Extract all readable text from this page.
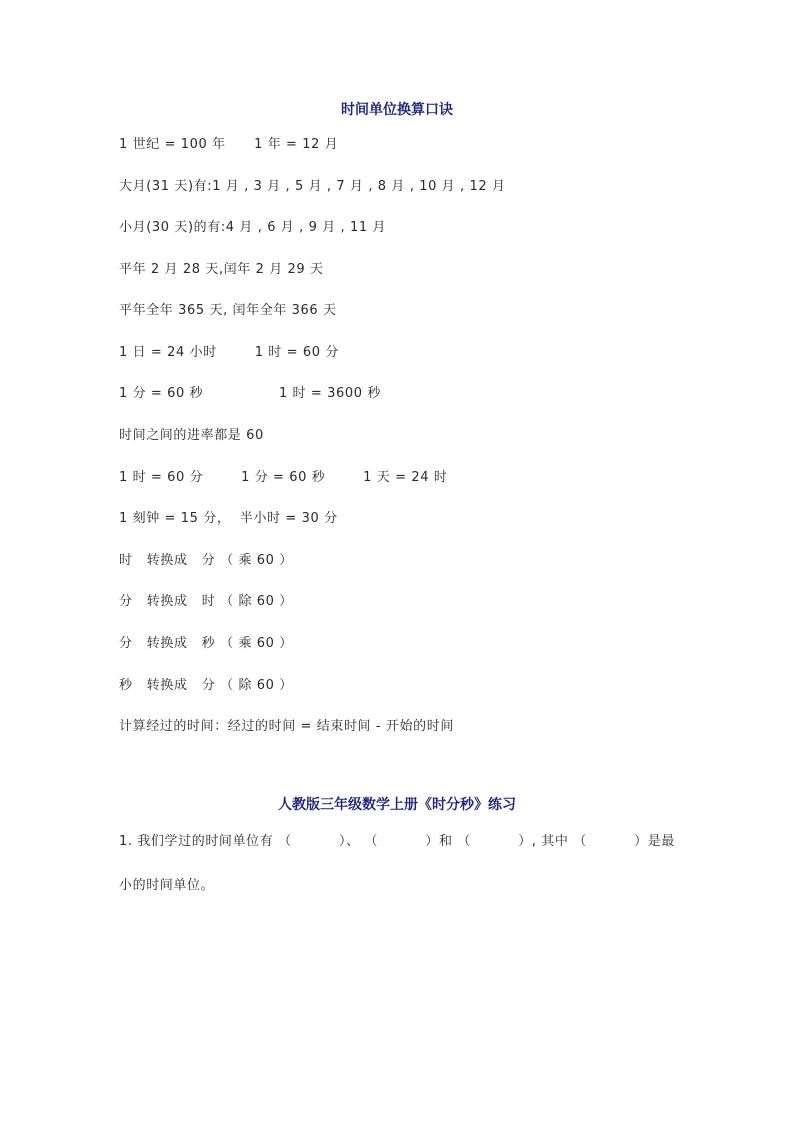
时间单位换算口诀
1 世纪 = 100 年      1 年 = 12 月
大月(31 天)有:1 月 , 3 月 , 5 月 , 7 月 , 8 月 , 10 月 , 12 月
小月(30 天)的有:4 月 , 6 月 , 9 月 , 11 月
平年 2 月 28 天,闰年 2 月 29 天
平年全年 365 天, 闰年全年 366 天
1 日 = 24 小时        1 时 = 60 分
1 分 = 60 秒                1 时 = 3600 秒
时间之间的进率都是 60
1 时 = 60 分        1 分 = 60 秒        1 天 = 24 时
1 刻钟 = 15 分，  半小时 = 30 分
时   转换成   分 （ 乘 60 ）
分   转换成   时 （ 除 60 ）
分   转换成   秒 （ 乘 60 ）
秒   转换成   分 （ 除 60 ）
计算经过的时间：经过的时间 = 结束时间 - 开始的时间
人教版三年级数学上册《时分秒》练习
1. 我们学过的时间单位有 （          ）、 （          ）和 （          ）, 其中 （          ）是最
小的时间单位。
